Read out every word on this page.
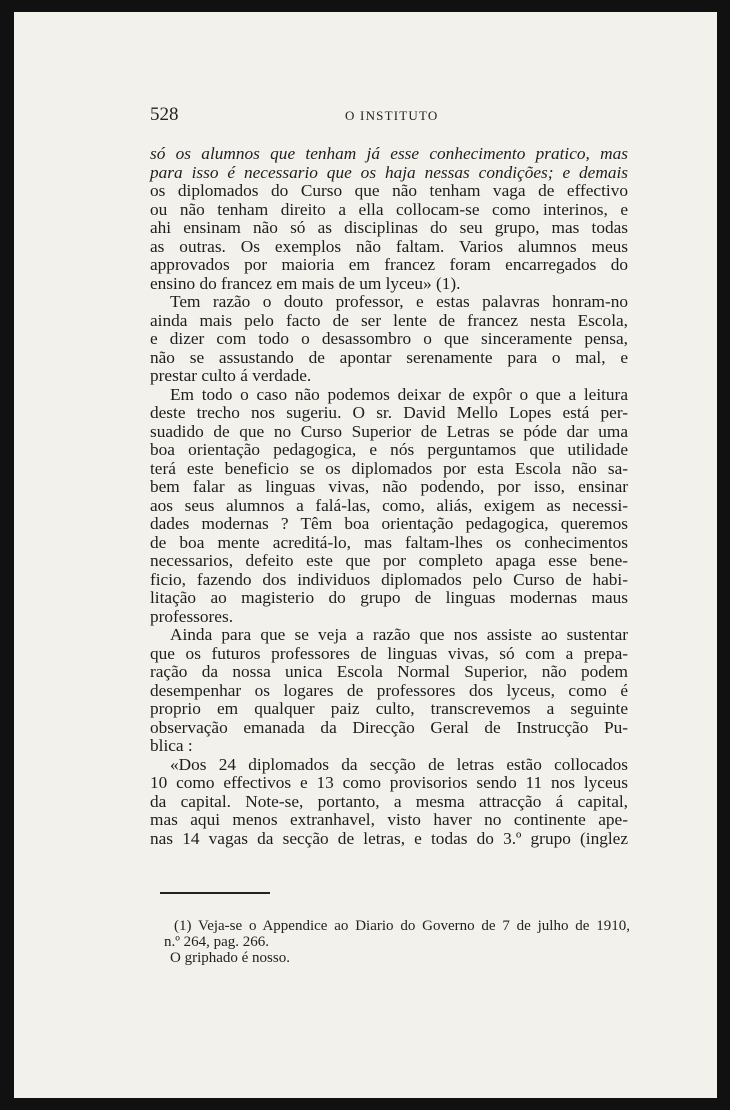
528	O INSTITUTO
só os alumnos que tenham já esse conhecimento pratico, mas
para isso é necessario que os haja nessas condições; e demais
os diplomados do Curso que não tenham vaga de effectivo
ou não tenham direito a ella collocam-se como interinos, e
ahi ensinam não só as disciplinas do seu grupo, mas todas
as outras. Os exemplos não faltam. Varios alumnos meus
approvados por maioria em francez foram encarregados do
ensino do francez em mais de um lyceu» (1).
Tem razão o douto professor, e estas palavras honram-no
ainda mais pelo facto de ser lente de francez nesta Escola,
e dizer com todo o desassombro o que sinceramente pensa,
não se assustando de apontar serenamente para o mal, e
prestar culto á verdade.
Em todo o caso não podemos deixar de expôr o que a leitura
deste trecho nos sugeriu. O sr. David Mello Lopes está per-
suadido de que no Curso Superior de Letras se póde dar uma
boa orientação pedagogica, e nós perguntamos que utilidade
terá este beneficio se os diplomados por esta Escola não sa-
bem falar as linguas vivas, não podendo, por isso, ensinar
aos seus alumnos a falá-las, como, aliás, exigem as necessi-
dades modernas ? Têm boa orientação pedagogica, queremos
de boa mente acreditá-lo, mas faltam-lhes os conhecimentos
necessarios, defeito este que por completo apaga esse bene-
ficio, fazendo dos individuos diplomados pelo Curso de habi-
litação ao magisterio do grupo de linguas modernas maus
professores.
Ainda para que se veja a razão que nos assiste ao sustentar
que os futuros professores de linguas vivas, só com a prepa-
ração da nossa unica Escola Normal Superior, não podem
desempenhar os logares de professores dos lyceus, como é
proprio em qualquer paiz culto, transcrevemos a seguinte
observação emanada da Direcção Geral de Instrucção Pu-
blica :
«Dos 24 diplomados da secção de letras estão collocados
10 como effectivos e 13 como provisorios sendo 11 nos lyceus
da capital. Note-se, portanto, a mesma attracção á capital,
mas aqui menos extranhavel, visto haver no continente ape-
nas 14 vagas da secção de letras, e todas do 3.º grupo (inglez
(1) Veja-se o Appendice ao Diario do Governo de 7 de julho de 1910,
n.º 264, pag. 266.
O griphado é nosso.
